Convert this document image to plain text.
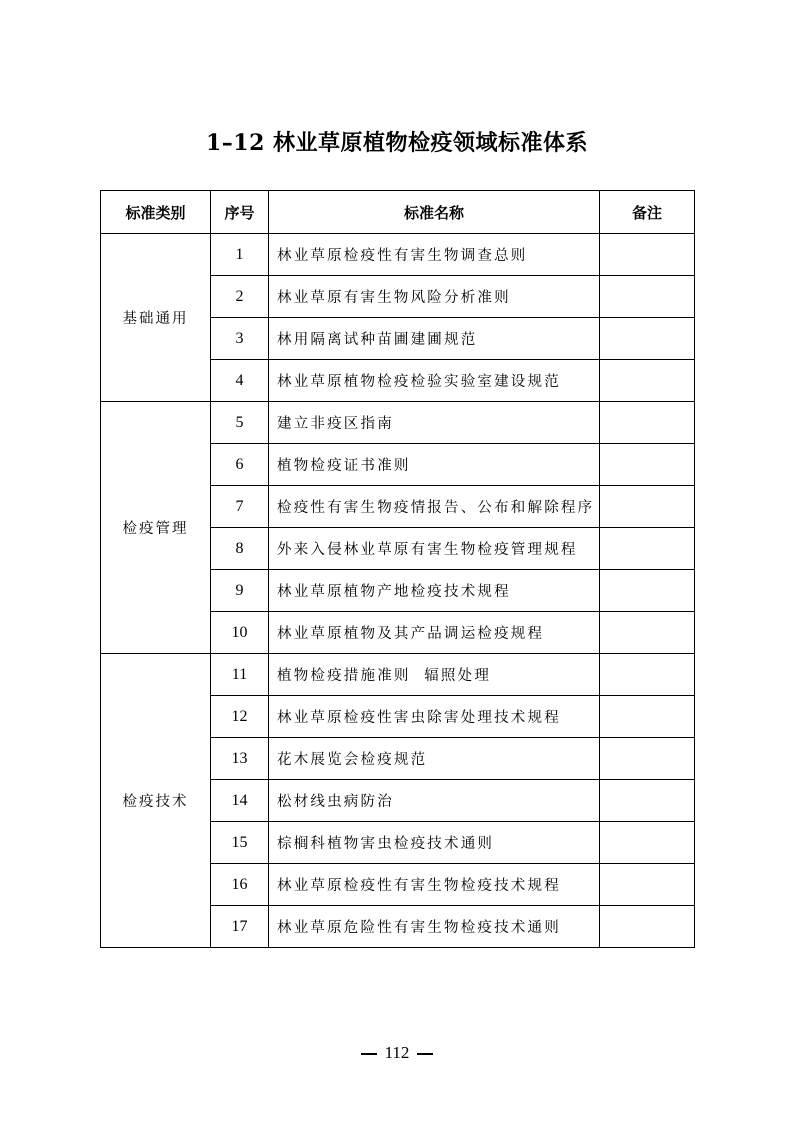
1–12 林业草原植物检疫领域标准体系
标准类别	序号	标准名称	备注
基础通用	1	林业草原检疫性有害生物调查总则	
	2	林业草原有害生物风险分析准则	
	3	林用隔离试种苗圃建圃规范	
	4	林业草原植物检疫检验实验室建设规范	
检疫管理	5	建立非疫区指南	
	6	植物检疫证书准则	
	7	检疫性有害生物疫情报告、公布和解除程序	
	8	外来入侵林业草原有害生物检疫管理规程	
	9	林业草原植物产地检疫技术规程	
	10	林业草原植物及其产品调运检疫规程	
检疫技术	11	植物检疫措施准则  辐照处理	
	12	林业草原检疫性害虫除害处理技术规程	
	13	花木展览会检疫规范	
	14	松材线虫病防治	
	15	棕榈科植物害虫检疫技术通则	
	16	林业草原检疫性有害生物检疫技术规程	
	17	林业草原危险性有害生物检疫技术通则	
112
